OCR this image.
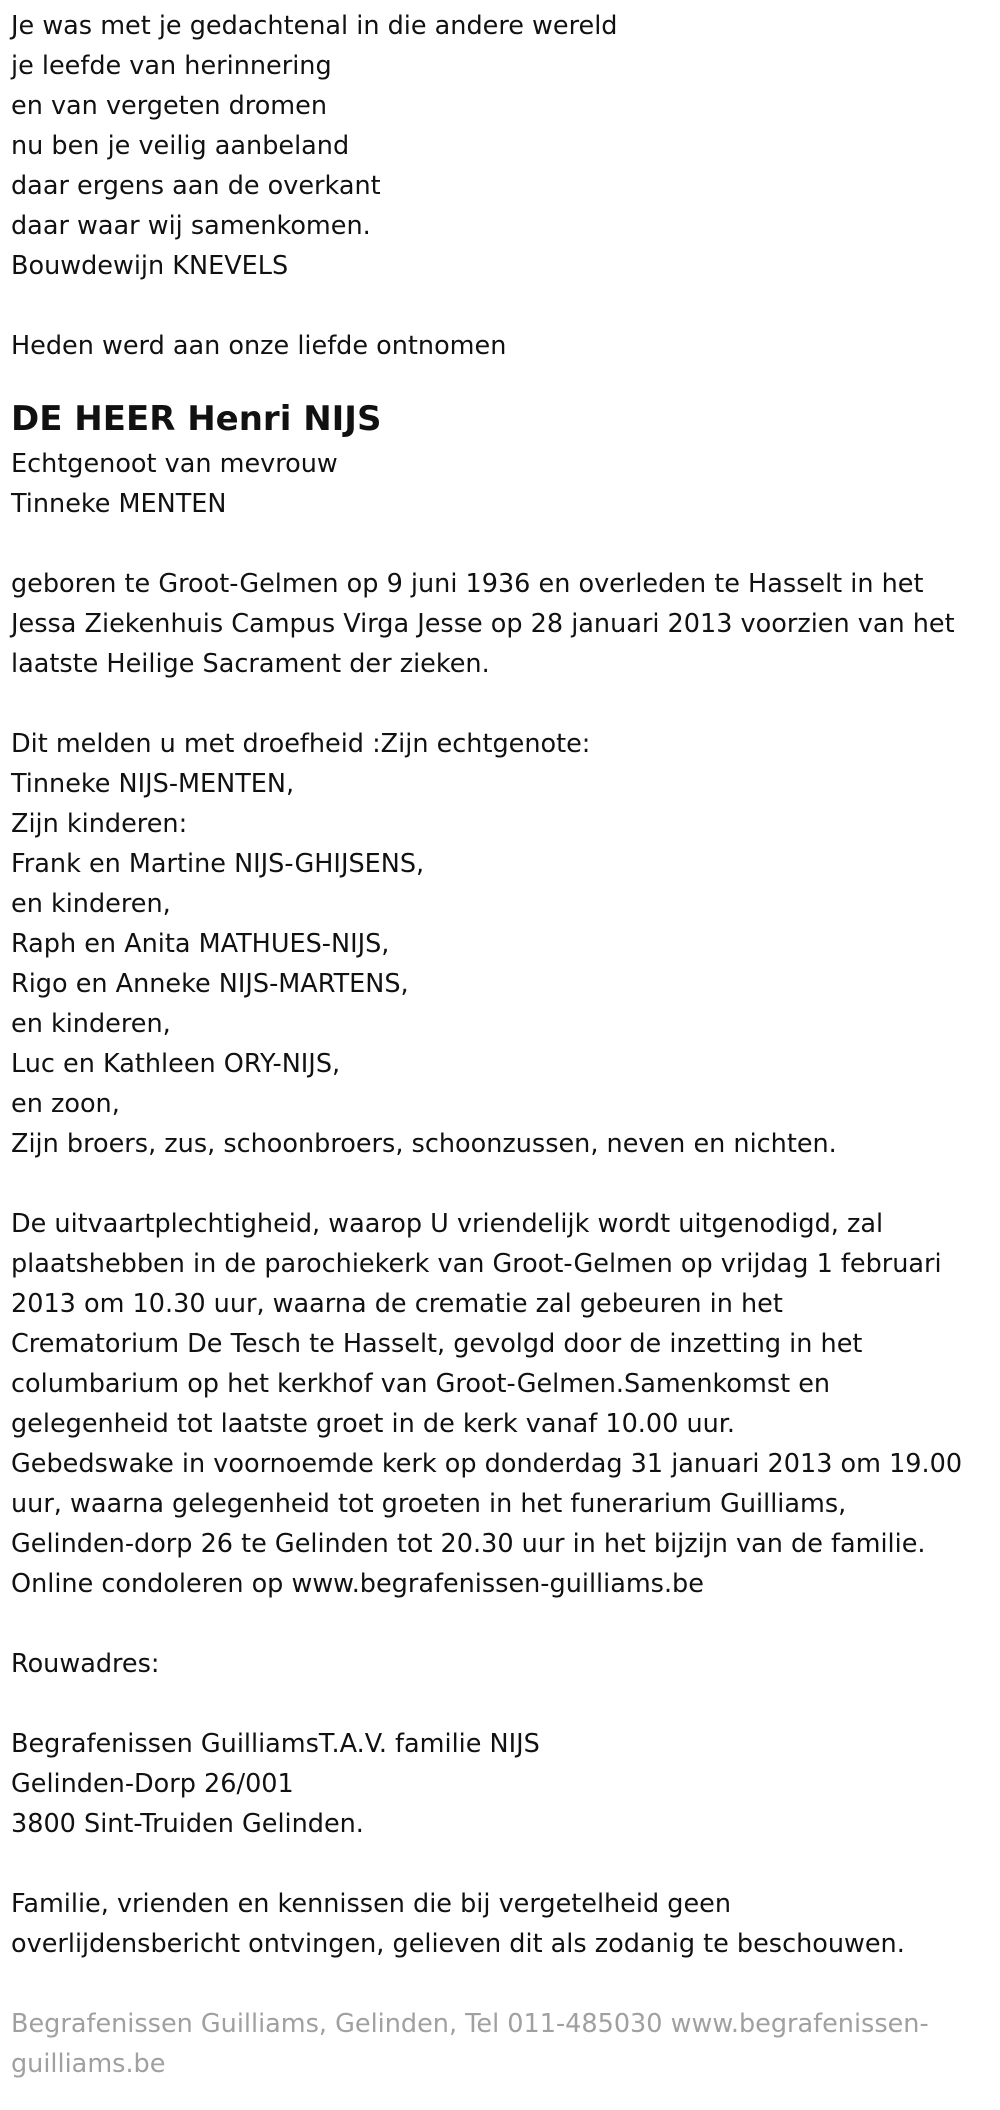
Je was met je gedachtenal in die andere wereld
je leefde van herinnering
en van vergeten dromen
nu ben je veilig aanbeland
daar ergens aan de overkant
daar waar wij samenkomen.
Bouwdewijn KNEVELS
Heden werd aan onze liefde ontnomen
DE HEER Henri NIJS
Echtgenoot van mevrouw
Tinneke MENTEN
geboren te Groot-Gelmen op 9 juni 1936 en overleden te Hasselt in het
Jessa Ziekenhuis Campus Virga Jesse op 28 januari 2013 voorzien van het
laatste Heilige Sacrament der zieken.
Dit melden u met droefheid :Zijn echtgenote:
Tinneke NIJS-MENTEN,
Zijn kinderen:
Frank en Martine NIJS-GHIJSENS,
en kinderen,
Raph en Anita MATHUES-NIJS,
Rigo en Anneke NIJS-MARTENS,
en kinderen,
Luc en Kathleen ORY-NIJS,
en zoon,
Zijn broers, zus, schoonbroers, schoonzussen, neven en nichten.
De uitvaartplechtigheid, waarop U vriendelijk wordt uitgenodigd, zal
plaatshebben in de parochiekerk van Groot-Gelmen op vrijdag 1 februari
2013 om 10.30 uur, waarna de crematie zal gebeuren in het
Crematorium De Tesch te Hasselt, gevolgd door de inzetting in het
columbarium op het kerkhof van Groot-Gelmen.Samenkomst en
gelegenheid tot laatste groet in de kerk vanaf 10.00 uur.
Gebedswake in voornoemde kerk op donderdag 31 januari 2013 om 19.00
uur, waarna gelegenheid tot groeten in het funerarium Guilliams,
Gelinden-dorp 26 te Gelinden tot 20.30 uur in het bijzijn van de familie.
Online condoleren op www.begrafenissen-guilliams.be
Rouwadres:
Begrafenissen GuilliamsT.A.V. familie NIJS
Gelinden-Dorp 26/001
3800 Sint-Truiden Gelinden.
Familie, vrienden en kennissen die bij vergetelheid geen
overlijdensbericht ontvingen, gelieven dit als zodanig te beschouwen.
Begrafenissen Guilliams, Gelinden, Tel 011-485030 www.begrafenissen-
guilliams.be
